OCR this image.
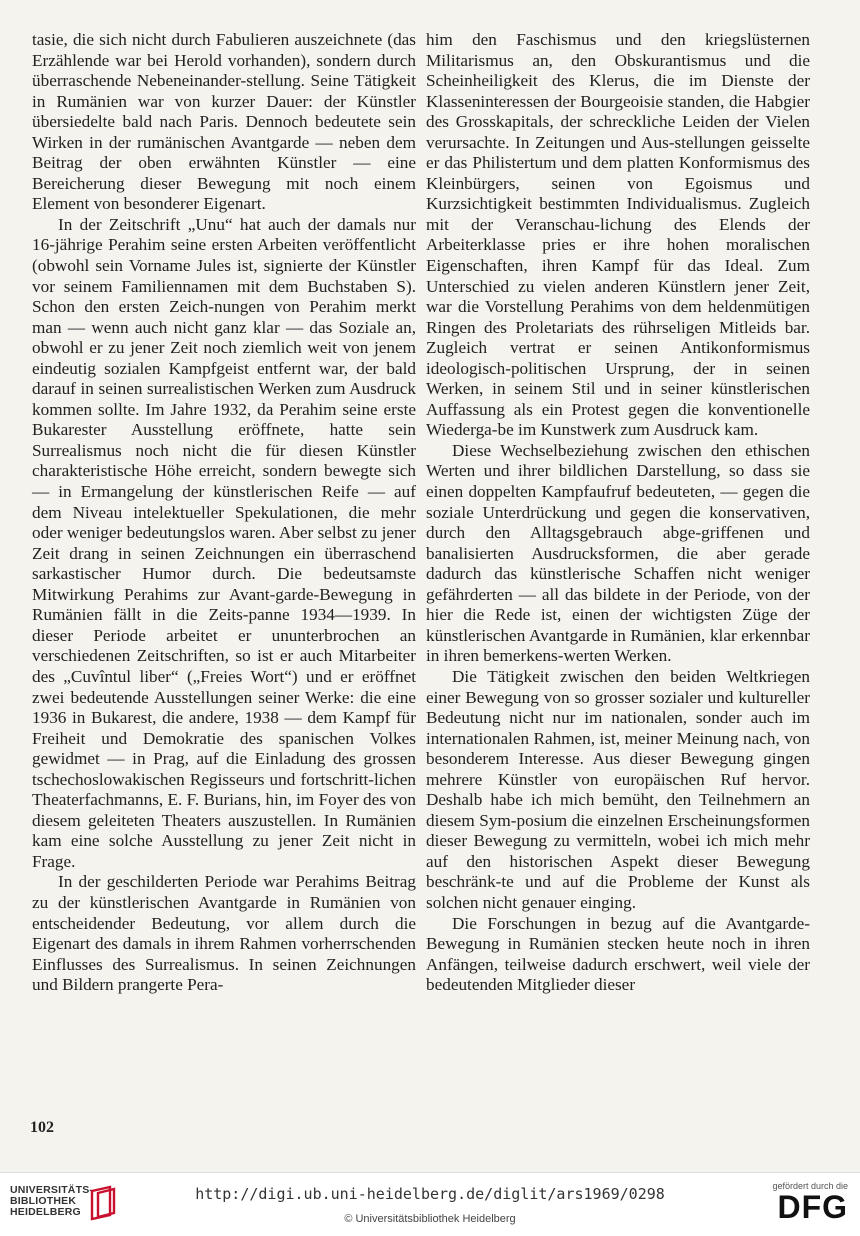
tasie, die sich nicht durch Fabulieren auszeichnete (das Erzählende war bei Herold vorhanden), sondern durch überraschende Nebeneinander-stellung. Seine Tätigkeit in Rumänien war von kurzer Dauer: der Künstler übersiedelte bald nach Paris. Dennoch bedeutete sein Wirken in der rumänischen Avantgarde — neben dem Beitrag der oben erwähnten Künstler — eine Bereicherung dieser Bewegung mit noch einem Element von besonderer Eigenart.

In der Zeitschrift „Unu“ hat auch der damals nur 16-jährige Perahim seine ersten Arbeiten veröffentlicht (obwohl sein Vorname Jules ist, signierte der Künstler vor seinem Familiennamen mit dem Buchstaben S). Schon den ersten Zeich-nungen von Perahim merkt man — wenn auch nicht ganz klar — das Soziale an, obwohl er zu jener Zeit noch ziemlich weit von jenem eindeutig sozialen Kampfgeist entfernt war, der bald darauf in seinen surrealistischen Werken zum Ausdruck kommen sollte. Im Jahre 1932, da Perahim seine erste Bukarester Ausstellung eröffnete, hatte sein Surrealismus noch nicht die für diesen Künstler charakteristische Höhe erreicht, sondern bewegte sich — in Ermangelung der künstlerischen Reife — auf dem Niveau intelektueller Spekulationen, die mehr oder weniger bedeutungslos waren. Aber selbst zu jener Zeit drang in seinen Zeichnungen ein überraschend sarkastischer Humor durch. Die bedeutsamste Mitwirkung Perahims zur Avant-garde-Bewegung in Rumänien fällt in die Zeits-panne 1934—1939. In dieser Periode arbeitet er ununterbrochen an verschiedenen Zeitschriften, so ist er auch Mitarbeiter des „Cuvîntul liber“ („Freies Wort“) und er eröffnet zwei bedeutende Ausstellungen seiner Werke: die eine 1936 in Bukarest, die andere, 1938 — dem Kampf für Freiheit und Demokratie des spanischen Volkes gewidmet — in Prag, auf die Einladung des grossen tschechoslowakischen Regisseurs und fortschritt-lichen Theaterfachmanns, E. F. Burians, hin, im Foyer des von diesem geleiteten Theaters auszustellen. In Rumänien kam eine solche Ausstellung zu jener Zeit nicht in Frage.

In der geschilderten Periode war Perahims Beitrag zu der künstlerischen Avantgarde in Rumänien von entscheidender Bedeutung, vor allem durch die Eigenart des damals in ihrem Rahmen vorherrschenden Einflusses des Surrealismus. In seinen Zeichnungen und Bildern prangerte Pera-

him den Faschismus und den kriegslüsternen Militarismus an, den Obskurantismus und die Scheinheiligkeit des Klerus, die im Dienste der Klasseninteressen der Bourgeoisie standen, die Habgier des Grosskapitals, der schreckliche Leiden der Vielen verursachte. In Zeitungen und Aus-stellungen geisselte er das Philistertum und dem platten Konformismus des Kleinbürgers, seinen von Egoismus und Kurzsichtigkeit bestimmten Individualismus. Zugleich mit der Veranschau-lichung des Elends der Arbeiterklasse pries er ihre hohen moralischen Eigenschaften, ihren Kampf für das Ideal. Zum Unterschied zu vielen anderen Künstlern jener Zeit, war die Vorstellung Perahims von dem heldenmütigen Ringen des Proletariats des rührseligen Mitleids bar. Zugleich vertrat er seinen Antikonformismus ideologisch-politischen Ursprung, der in seinen Werken, in seinem Stil und in seiner künstlerischen Auffassung als ein Protest gegen die konventionelle Wiederga-be im Kunstwerk zum Ausdruck kam.

Diese Wechselbeziehung zwischen den ethischen Werten und ihrer bildlichen Darstellung, so dass sie einen doppelten Kampfaufruf bedeuteten, — gegen die soziale Unterdrückung und gegen die konservativen, durch den Alltagsgebrauch abge-griffenen und banalisierten Ausdrucksformen, die aber gerade dadurch das künstlerische Schaffen nicht weniger gefährderten — all das bildete in der Periode, von der hier die Rede ist, einen der wichtigsten Züge der künstlerischen Avantgarde in Rumänien, klar erkennbar in ihren bemerkens-werten Werken.

Die Tätigkeit zwischen den beiden Weltkriegen einer Bewegung von so grosser sozialer und kultureller Bedeutung nicht nur im nationalen, sonder auch im internationalen Rahmen, ist, meiner Meinung nach, von besonderem Interesse. Aus dieser Bewegung gingen mehrere Künstler von europäischen Ruf hervor. Deshalb habe ich mich bemüht, den Teilnehmern an diesem Sym-posium die einzelnen Erscheinungsformen dieser Bewegung zu vermitteln, wobei ich mich mehr auf den historischen Aspekt dieser Bewegung beschränk-te und auf die Probleme der Kunst als solchen nicht genauer einging.

Die Forschungen in bezug auf die Avantgarde-Bewegung in Rumänien stecken heute noch in ihren Anfängen, teilweise dadurch erschwert, weil viele der bedeutenden Mitglieder dieser

102
UNIVERSITÄTS-
BIBLIOTHEK
HEIDELBERG
http://digi.ub.uni-heidelberg.de/diglit/ars1969/0298
© Universitätsbibliothek Heidelberg
gefördert durch die
DFG
